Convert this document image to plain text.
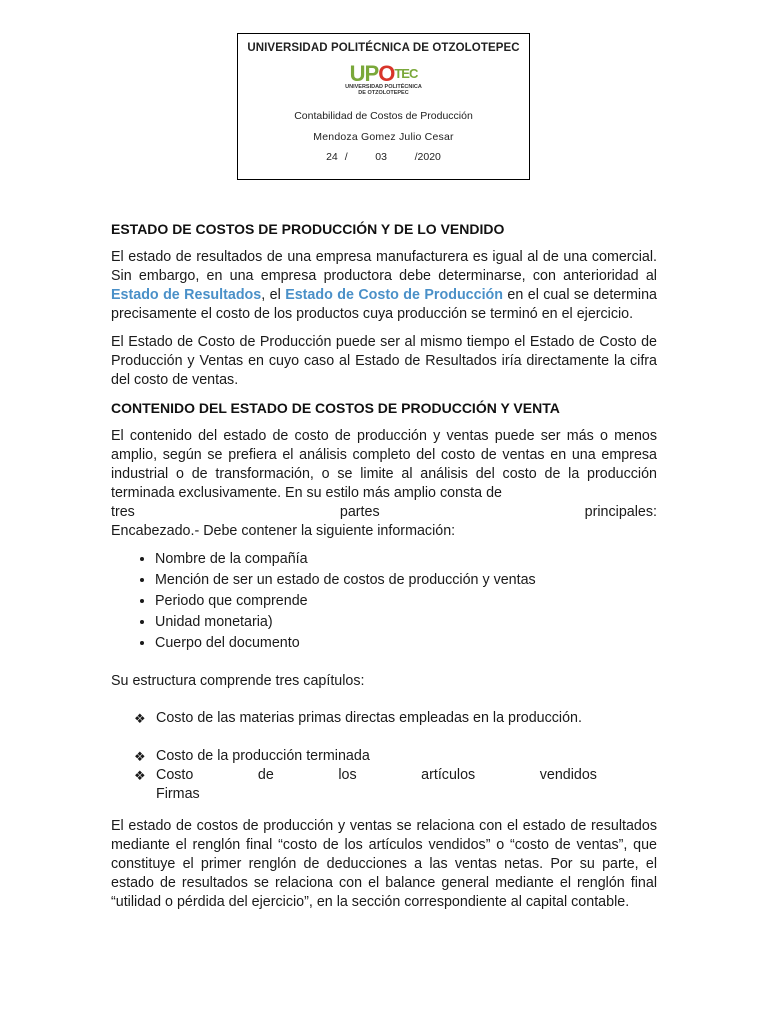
UNIVERSIDAD POLITÉCNICA DE OTZOLOTEPEC
UP O TEC
UNIVERSIDAD POLITÉCNICA
DE OTZOLOTEPEC
Contabilidad de Costos de Producción
Mendoza Gomez Julio Cesar
24 /    03    /2020
ESTADO DE COSTOS DE PRODUCCIÓN Y DE LO VENDIDO

El estado de resultados de una empresa manufacturera es igual al de una comercial. Sin embargo, en una empresa productora debe determinarse, con anterioridad al Estado de Resultados, el Estado de Costo de Producción en el cual se determina precisamente el costo de los productos cuya producción se terminó en el ejercicio.

El Estado de Costo de Producción puede ser al mismo tiempo el Estado de Costo de Producción y Ventas en cuyo caso al Estado de Resultados iría directamente la cifra del costo de ventas.

CONTENIDO DEL ESTADO DE COSTOS DE PRODUCCIÓN Y VENTA

El contenido del estado de costo de producción y ventas puede ser más o menos amplio, según se prefiera el análisis completo del costo de ventas en una empresa industrial o de transformación, o se limite al análisis del costo de la producción terminada exclusivamente. En su estilo más amplio consta de

tres	partes	principales:
Encabezado.- Debe contener la siguiente información:
• Nombre de la compañía
• Mención de ser un estado de costos de producción y ventas
• Periodo que comprende
• Unidad monetaria)
• Cuerpo del documento

Su estructura comprende tres capítulos:

❖ Costo de las materias primas directas empleadas en la producción.
❖ Costo de la producción terminada
❖ Costo	de	los	artículos	vendidos
Firmas

El estado de costos de producción y ventas se relaciona con el estado de resultados mediante el renglón final “costo de los artículos vendidos” o “costo de ventas”, que constituye el primer renglón de deducciones a las ventas netas. Por su parte, el estado de resultados se relaciona con el balance general mediante el renglón final “utilidad o pérdida del ejercicio”, en la sección correspondiente al capital contable.
